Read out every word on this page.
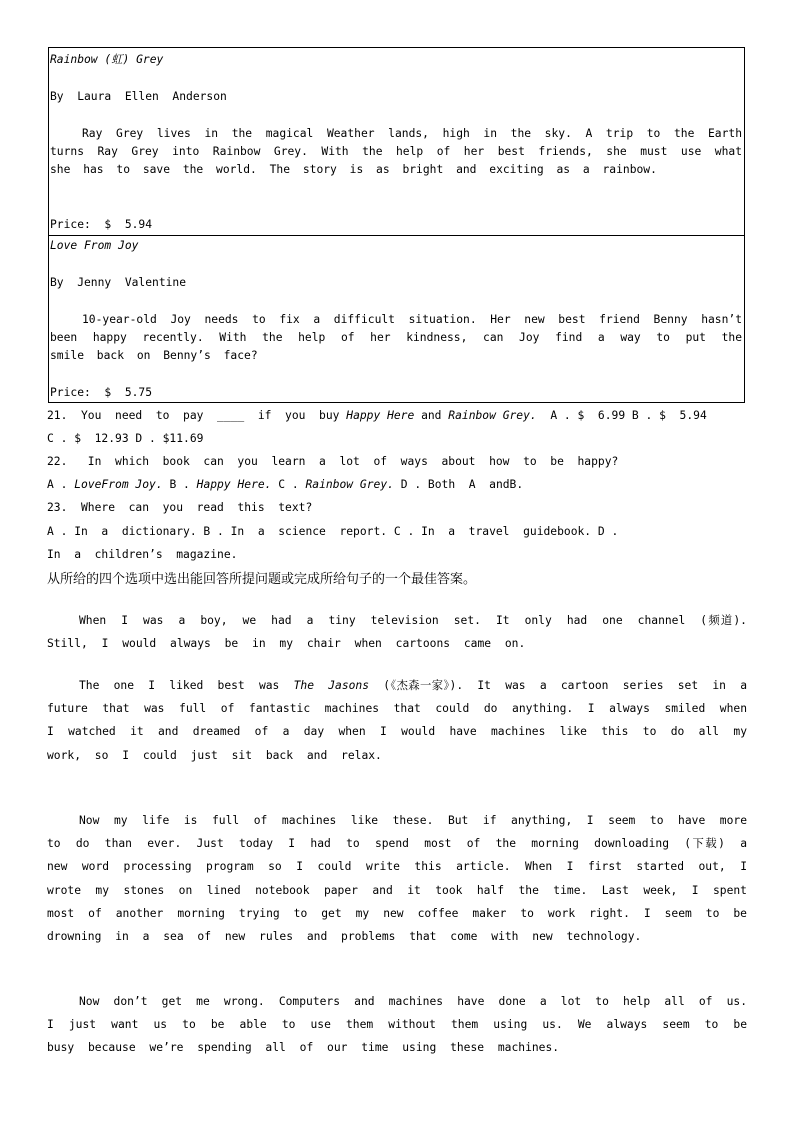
Rainbow (虹) Grey
By  Laura  Ellen  Anderson
Ray Grey lives in the magical Weather lands, high in the sky. A trip to the Earth turns Ray Grey into Rainbow Grey. With the help of her best friends, she must use what she has to save the world. The story is as bright and exciting as a rainbow.
Price:  $  5.94
Love From Joy
By  Jenny  Valentine
10-year-old Joy needs to fix a difficult situation. Her new best friend Benny hasn’t been happy recently. With the help of her kindness, can Joy find a way to put the smile back on Benny’s face?
Price:  $  5.75
21.  You  need  to  pay  ____  if  you  buy Happy Here and Rainbow Grey.  A . $  6.99 B . $  5.94
C . $  12.93 D . $11.69
22.   In  which  book  can  you  learn  a  lot  of  ways  about  how  to  be  happy?
A . LoveFrom Joy. B . Happy Here. C . Rainbow Grey. D . Both  A  andB.
23.  Where  can  you  read  this  text?
A . In  a  dictionary. B . In  a  science  report. C . In  a  travel  guidebook. D .
In  a  children’s  magazine.
从所给的四个选项中选出能回答所提问题或完成所给句子的一个最佳答案。

When I was a boy, we had a tiny television set. It only had one channel (频道). Still, I would always be in my chair when cartoons came on.

The one I liked best was The Jasons (《杰森一家》). It was a cartoon series set in a future that was full of fantastic machines that could do anything. I always smiled when I watched it and dreamed of a day when I would have machines like this to do all my work, so I could just sit back and relax.

Now my life is full of machines like these. But if anything, I seem to have more to do than ever. Just today I had to spend most of the morning downloading (下载) a new word processing program so I could write this article. When I first started out, I wrote my stones on lined notebook paper and it took half the time. Last week, I spent most of another morning trying to get my new coffee maker to work right. I seem to be drowning in a sea of new rules and problems that come with new technology.

Now don’t get me wrong. Computers and machines have done a lot to help all of us. I just want us to be able to use them without them using us. We always seem to be busy because we’re spending all of our time using these machines.
